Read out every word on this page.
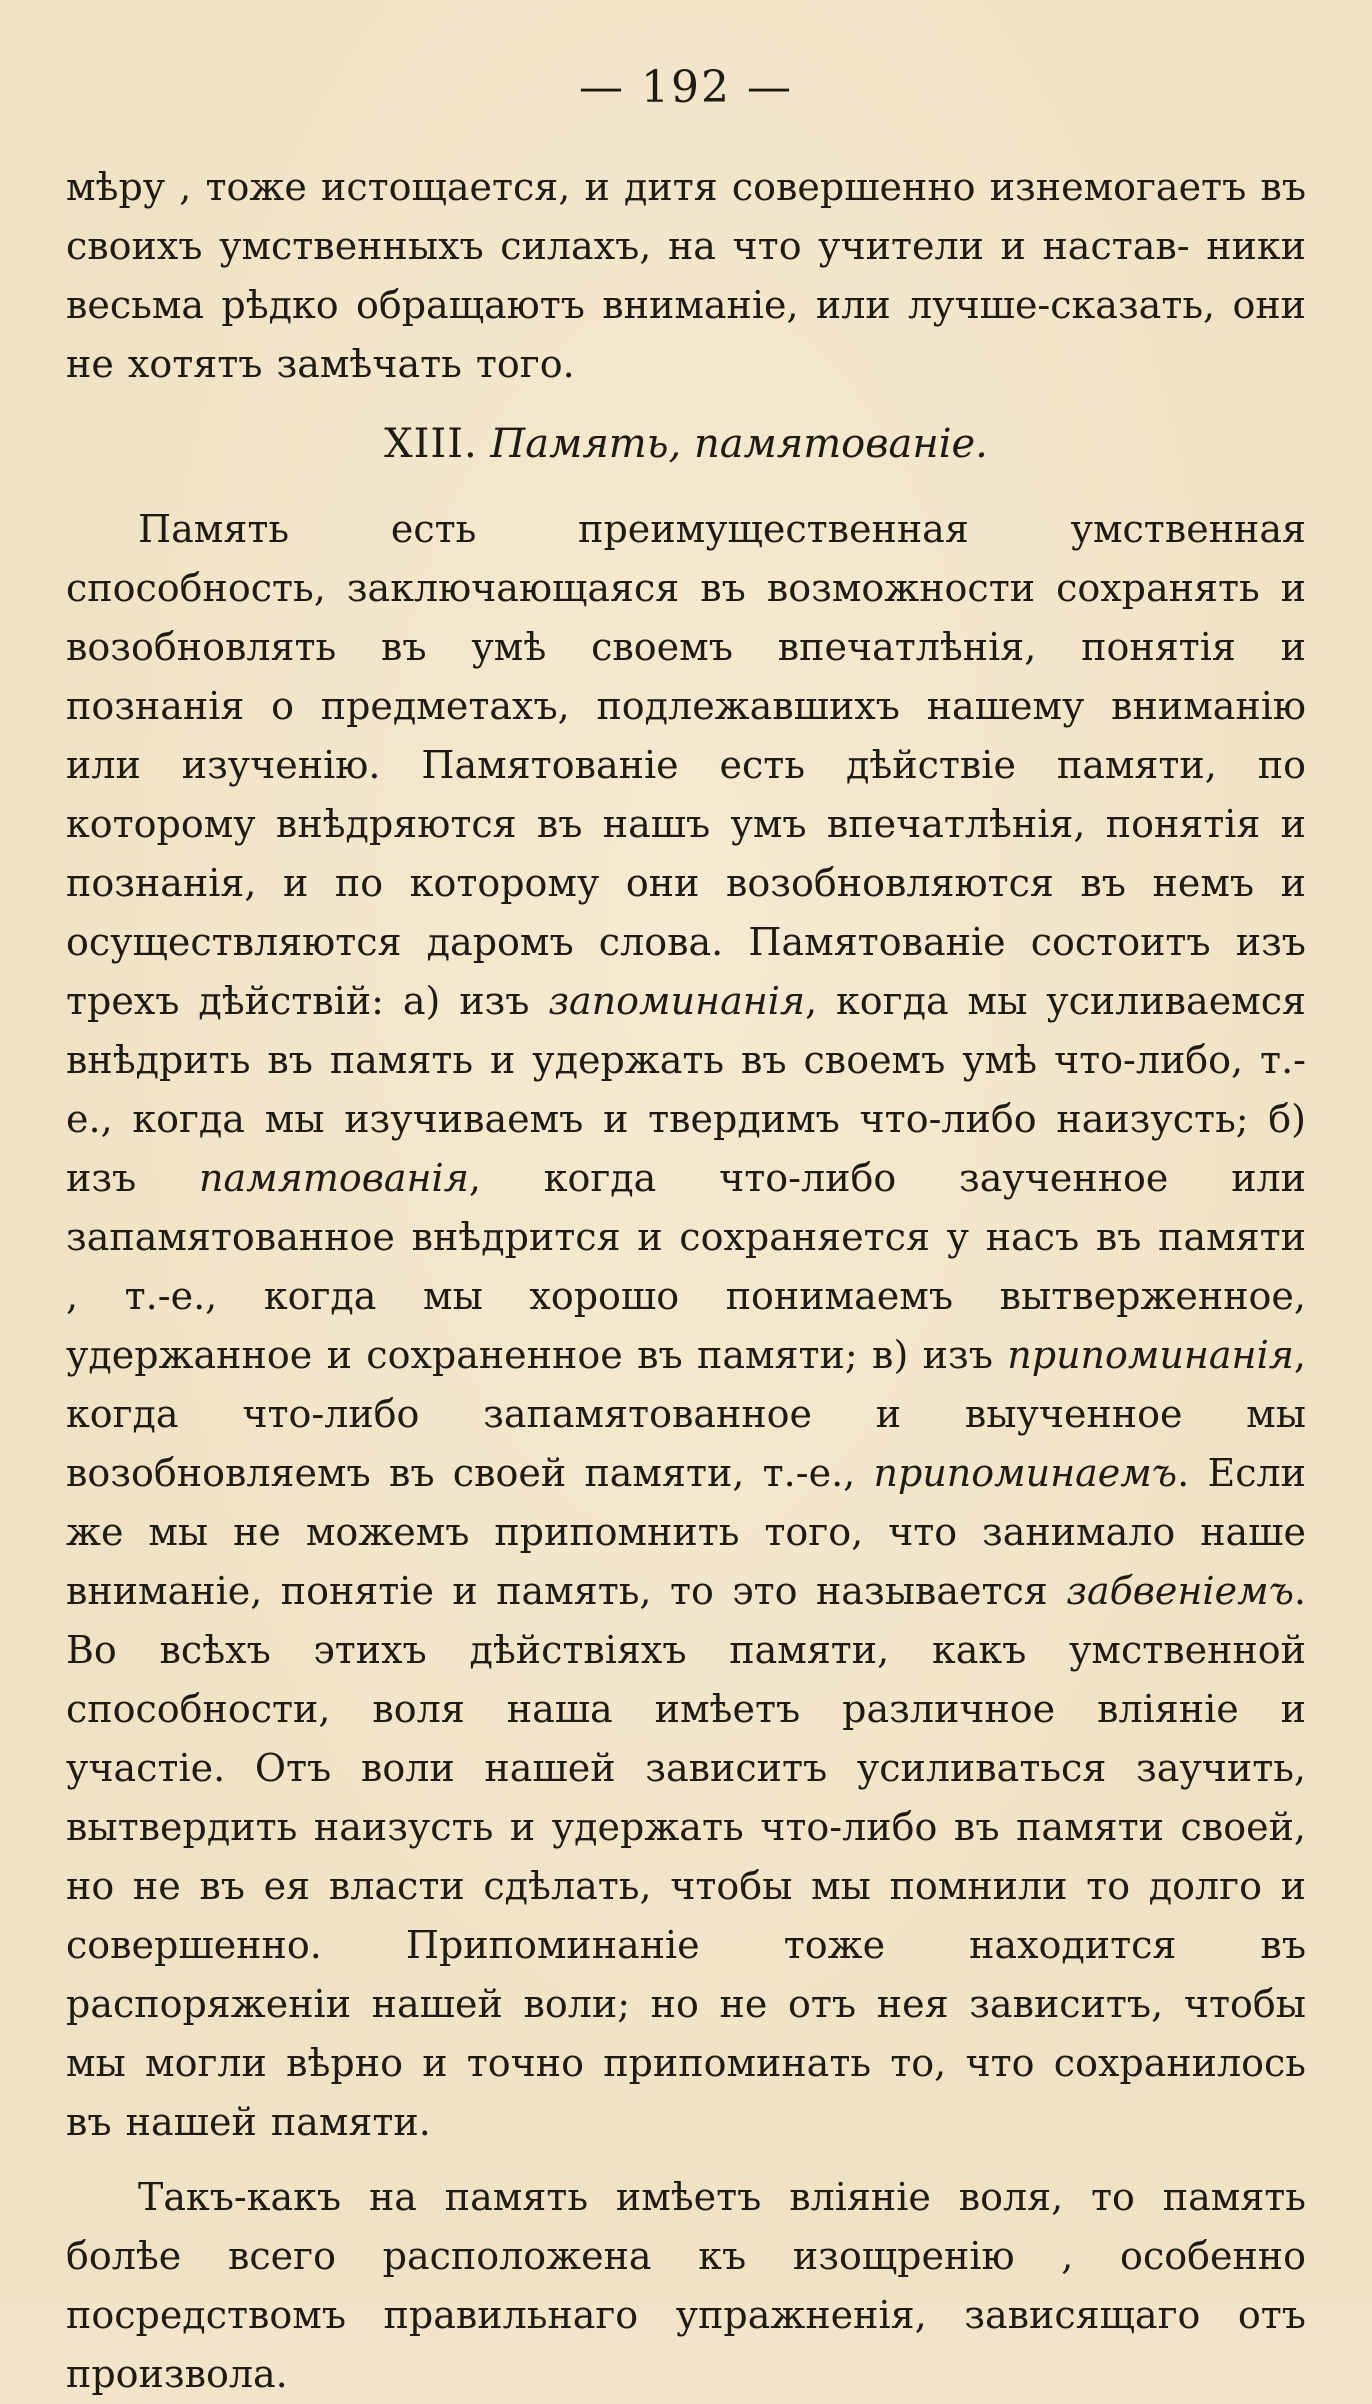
— 192 —

мѣру , тоже истощается, и дитя совершенно изнемогаетъ въ своихъ умственныхъ силахъ, на что учители и настав- ники весьма рѣдко обращаютъ вниманіе, или лучше-сказать, они не хотятъ замѣчать того.

XIII. Память, памятованіе.

Память есть преимущественная умственная способность, заключающаяся въ возможности сохранять и возобновлять въ умѣ своемъ впечатлѣнія, понятія и познанія о предметахъ, подлежавшихъ нашему вниманію или изученію. Памятованіе есть дѣйствіе памяти, по которому внѣдряются въ нашъ умъ впечатлѣнія, понятія и познанія, и по которому они возобновляются въ немъ и осуществляются даромъ слова. Памятованіе состоитъ изъ трехъ дѣйствій: а) изъ запоминанія, когда мы усиливаемся внѣдрить въ память и удержать въ своемъ умѣ что-либо, т.-е., когда мы изучиваемъ и твердимъ что-либо наизусть; б) изъ памятованія, когда что-либо заученное или запамятованное внѣдрится и сохраняется у насъ въ памяти , т.-е., когда мы хорошо понимаемъ вытверженное, удержанное и сохраненное въ памяти; в) изъ припоминанія, когда что-либо запамятованное и выученное мы возобновляемъ въ своей памяти, т.-е., припоминаемъ. Если же мы не можемъ припомнить того, что занимало наше вниманіе, понятіе и память, то это называется забвеніемъ. Во всѣхъ этихъ дѣйствіяхъ памяти, какъ умственной способности, воля наша имѣетъ различное вліяніе и участіе. Отъ воли нашей зависитъ усиливаться заучить, вытвердить наизусть и удержать что-либо въ памяти своей, но не въ ея власти сдѣлать, чтобы мы помнили то долго и совершенно. Припоминаніе тоже находится въ распоряженіи нашей воли; но не отъ нея зависитъ, чтобы мы могли вѣрно и точно припоминать то, что сохранилось въ нашей памяти.

Такъ-какъ на память имѣетъ вліяніе воля, то память болѣе всего расположена къ изощренію , особенно посредствомъ правильнаго упражненія, зависящаго отъ произвола.
